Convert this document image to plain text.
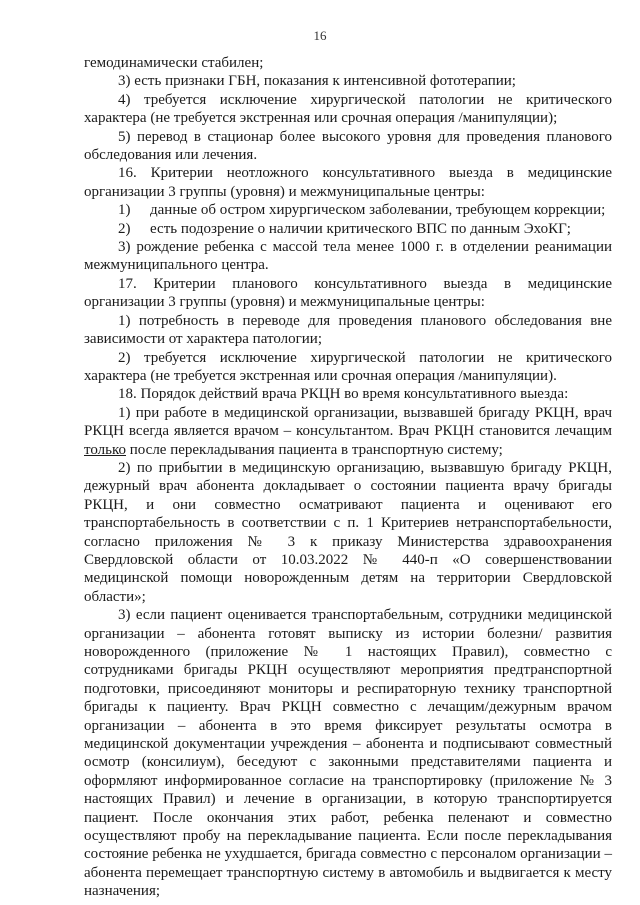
16

гемодинамически стабилен;

3) есть признаки ГБН, показания к интенсивной фототерапии;

4) требуется исключение хирургической патологии не критического характера (не требуется экстренная или срочная операция /манипуляции);

5) перевод в стационар более высокого уровня для проведения планового обследования или лечения.

16. Критерии неотложного консультативного выезда в медицинские организации 3 группы (уровня) и межмуниципальные центры:

1)	данные об остром хирургическом заболевании, требующем коррекции;
2)	есть подозрение о наличии критического ВПС по данным ЭхоКГ;

3) рождение ребенка с массой тела менее 1000 г. в отделении реанимации межмуниципального центра.

17. Критерии планового консультативного выезда в медицинские организации 3 группы (уровня) и межмуниципальные центры:

1) потребность в переводе для проведения планового обследования вне зависимости от характера патологии;

2) требуется исключение хирургической патологии не критического характера (не требуется экстренная или срочная операция /манипуляции).

18. Порядок действий врача РКЦН во время консультативного выезда:

1) при работе в медицинской организации, вызвавшей бригаду РКЦН, врач РКЦН всегда является врачом – консультантом. Врач РКЦН становится лечащим только после перекладывания пациента в транспортную систему;

2) по прибытии в медицинскую организацию, вызвавшую бригаду РКЦН, дежурный врач абонента докладывает о состоянии пациента врачу бригады РКЦН, и они совместно осматривают пациента и оценивают его транспортабельность в соответствии с п. 1 Критериев нетранспортабельности, согласно приложения № 3 к приказу Министерства здравоохранения Свердловской области от 10.03.2022 № 440-п «О совершенствовании медицинской помощи новорожденным детям на территории Свердловской области»;

3) если пациент оценивается транспортабельным, сотрудники медицинской организации – абонента готовят выписку из истории болезни/ развития новорожденного (приложение № 1 настоящих Правил), совместно с сотрудниками бригады РКЦН осуществляют мероприятия предтранспортной подготовки, присоединяют мониторы и респираторную технику транспортной бригады к пациенту. Врач РКЦН совместно с лечащим/дежурным врачом организации – абонента в это время фиксирует результаты осмотра в медицинской документации учреждения – абонента и подписывают совместный осмотр (консилиум), беседуют с законными представителями пациента и оформляют информированное согласие на транспортировку (приложение № 3 настоящих Правил) и лечение в организации, в которую транспортируется пациент. После окончания этих работ, ребенка пеленают и совместно осуществляют пробу на перекладывание пациента. Если после перекладывания состояние ребенка не ухудшается, бригада совместно с персоналом организации – абонента перемещает транспортную систему в автомобиль и выдвигается к месту назначения;
